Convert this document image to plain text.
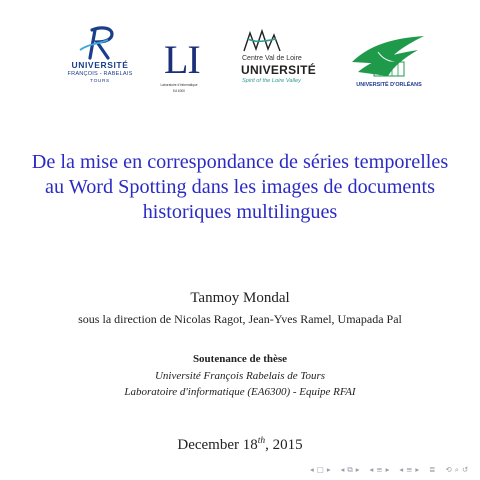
UNIVERSITÉ
FRANÇOIS - RABELAIS
TOURS	LI
Laboratoire d'Informatique
EA 6300
Centre Val de Loire
UNIVERSITÉ
Spirit of the Loire Valley
UNIVERSITÉ D'ORLÉANS
De la mise en correspondance de séries temporelles
au Word Spotting dans les images de documents
historiques multilingues
Tanmoy Mondal
sous la direction de Nicolas Ragot, Jean-Yves Ramel, Umapada Pal
Soutenance de thèse
Université François Rabelais de Tours
Laboratoire d'informatique (EA6300) - Equipe RFAI
December 18th, 2015
◂ ▢ ▸ ◂ ⧉ ▸ ◂ ≡ ▸ ◂ ≡ ▸ ≣ ⟲ ⌕ ↺
